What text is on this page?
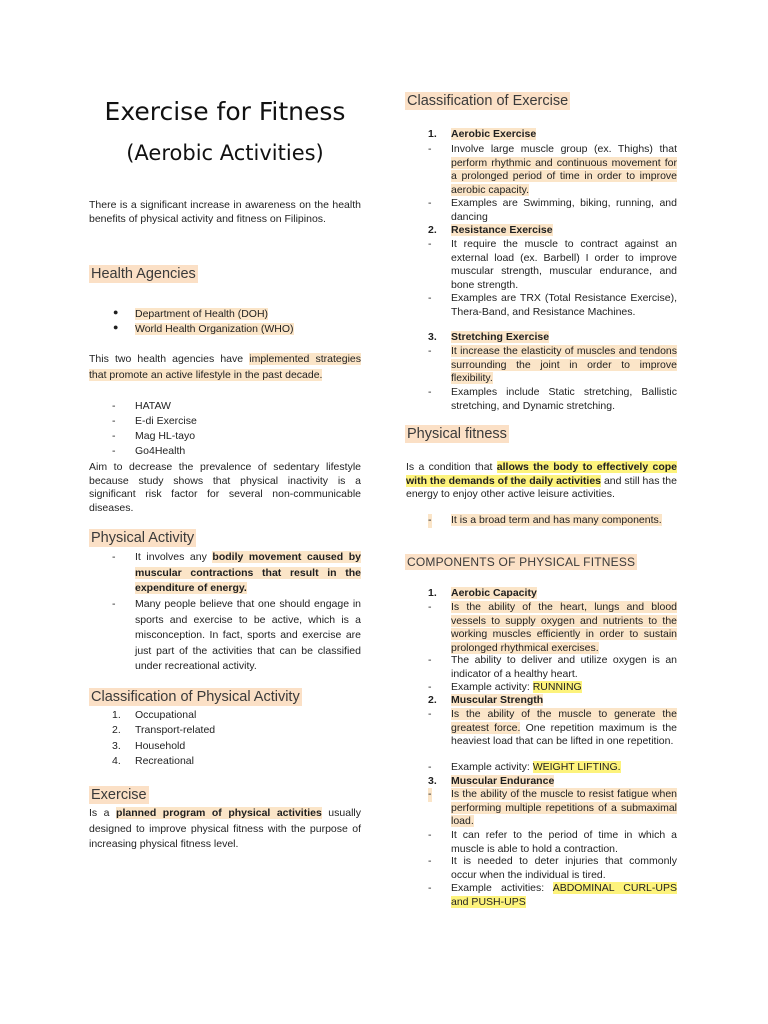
Exercise for Fitness
(Aerobic Activities)
There is a significant increase in awareness on the health benefits of physical activity and fitness on Filipinos.
Health Agencies
● Department of Health (DOH)
● World Health Organization (WHO)
This two health agencies have implemented strategies that promote an active lifestyle in the past decade.
- HATAW
- E-di Exercise
- Mag HL-tayo
- Go4Health
Aim to decrease the prevalence of sedentary lifestyle because study shows that physical inactivity is a significant risk factor for several non-communicable diseases.
Physical Activity
- It involves any bodily movement caused by muscular contractions that result in the expenditure of energy.
- Many people believe that one should engage in sports and exercise to be active, which is a misconception. In fact, sports and exercise are just part of the activities that can be classified under recreational activity.
Classification of Physical Activity
1. Occupational
2. Transport-related
3. Household
4. Recreational
Exercise
Is a planned program of physical activities usually designed to improve physical fitness with the purpose of increasing physical fitness level.
Classification of Exercise
1. Aerobic Exercise
- Involve large muscle group (ex. Thighs) that perform rhythmic and continuous movement for a prolonged period of time in order to improve aerobic capacity.
- Examples are Swimming, biking, running, and dancing
2. Resistance Exercise
- It require the muscle to contract against an external load (ex. Barbell) I order to improve muscular strength, muscular endurance, and bone strength.
- Examples are TRX (Total Resistance Exercise), Thera-Band, and Resistance Machines.
3. Stretching Exercise
- It increase the elasticity of muscles and tendons surrounding the joint in order to improve flexibility.
- Examples include Static stretching, Ballistic stretching, and Dynamic stretching.
Physical fitness
Is a condition that allows the body to effectively cope with the demands of the daily activities and still has the energy to enjoy other active leisure activities.
- It is a broad term and has many components.
COMPONENTS OF PHYSICAL FITNESS
1. Aerobic Capacity
- Is the ability of the heart, lungs and blood vessels to supply oxygen and nutrients to the working muscles efficiently in order to sustain prolonged rhythmical exercises.
- The ability to deliver and utilize oxygen is an indicator of a healthy heart.
- Example activity: RUNNING
2. Muscular Strength
- Is the ability of the muscle to generate the greatest force. One repetition maximum is the heaviest load that can be lifted in one repetition.
- Example activity: WEIGHT LIFTING.
3. Muscular Endurance
- Is the ability of the muscle to resist fatigue when performing multiple repetitions of a submaximal load.
- It can refer to the period of time in which a muscle is able to hold a contraction.
- It is needed to deter injuries that commonly occur when the individual is tired.
- Example activities: ABDOMINAL CURL-UPS and PUSH-UPS
